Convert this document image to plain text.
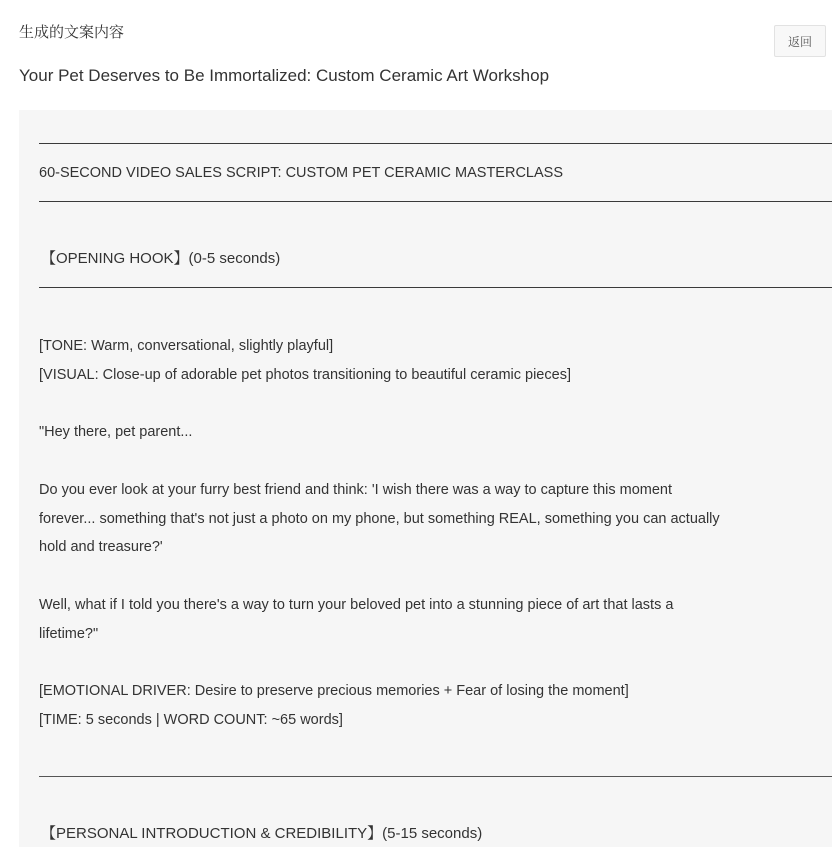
生成的文案内容
返回
Your Pet Deserves to Be Immortalized: Custom Ceramic Art Workshop
60-SECOND VIDEO SALES SCRIPT: CUSTOM PET CERAMIC MASTERCLASS
【OPENING HOOK】(0-5 seconds)
[TONE: Warm, conversational, slightly playful]
[VISUAL: Close-up of adorable pet photos transitioning to beautiful ceramic pieces]
"Hey there, pet parent...
Do you ever look at your furry best friend and think: 'I wish there was a way to capture this moment
forever... something that's not just a photo on my phone, but something REAL, something you can actually
hold and treasure?'
Well, what if I told you there's a way to turn your beloved pet into a stunning piece of art that lasts a
lifetime?"
[EMOTIONAL DRIVER: Desire to preserve precious memories + Fear of losing the moment]
[TIME: 5 seconds | WORD COUNT: ~65 words]
【PERSONAL INTRODUCTION & CREDIBILITY】(5-15 seconds)
